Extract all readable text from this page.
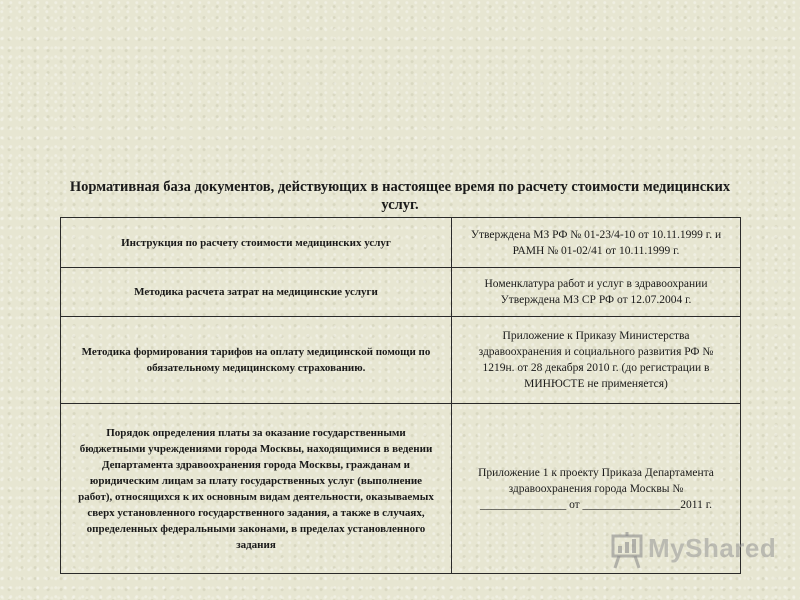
Нормативная база документов, действующих в настоящее время по расчету стоимости медицинских услуг.
Инструкция по расчету стоимости медицинских услуг	Утверждена МЗ РФ № 01-23/4-10 от 10.11.1999 г. и РАМН № 01-02/41 от 10.11.1999 г.

Методика расчета затрат на медицинские услуги	Номенклатура работ и услуг в здравоохрании Утверждена МЗ СР РФ от 12.07.2004 г.

Методика формирования тарифов на оплату медицинской помощи по обязательному медицинскому страхованию.	Приложение к Приказу Министерства здравоохранения и социального развития РФ № 1219н. от 28 декабря 2010 г. (до регистрации в МИНЮСТЕ не применяется)

Порядок определения платы за оказание государственными бюджетными учреждениями города Москвы, находящимися в ведении Департамента здравоохранения города Москвы, гражданам и юридическим лицам за плату государственных услуг (выполнение работ), относящихся к их основным видам деятельности, оказываемых сверх установленного государственного задания, а также в случаях, определенных федеральными законами, в пределах установленного задания	Приложение 1 к проекту Приказа Департамента здравоохранения города Москвы № _______________ от _________________2011 г.
MyShared
